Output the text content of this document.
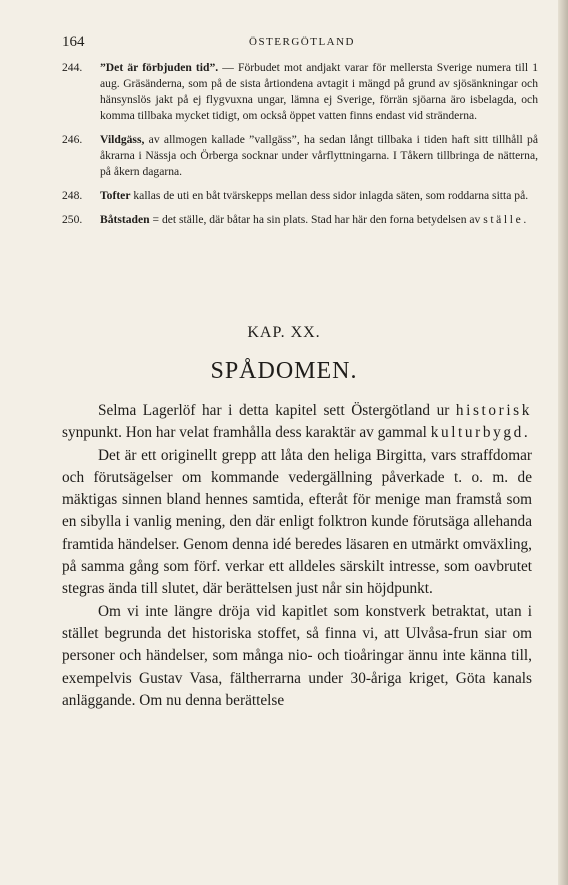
164	ÖSTERGÖTLAND
244. ”Det är förbjuden tid”. — Förbudet mot andjakt varar för mellersta Sverige numera till 1 aug. Gräsänderna, som på de sista årtiondena avtagit i mängd på grund av sjösänkningar och hänsynslös jakt på ej flygvuxna ungar, lämna ej Sverige, förrän sjöarna äro isbelagda, och komma tillbaka mycket tidigt, om också öppet vatten finns endast vid stränderna.
246. Vildgäss, av allmogen kallade ”vallgäss”, ha sedan långt tillbaka i tiden haft sitt tillhåll på åkrarna i Nässja och Örberga socknar under vårflyttningarna. I Tåkern tillbringa de nätterna, på åkern dagarna.
248. Tofter kallas de uti en båt tvärskepps mellan dess sidor inlagda säten, som roddarna sitta på.
250. Båtstaden = det ställe, där båtar ha sin plats. Stad har här den forna betydelsen av ställe.
KAP. XX.
SPÅDOMEN.

Selma Lagerlöf har i detta kapitel sett Östergötland ur historisk synpunkt. Hon har velat framhålla dess karaktär av gammal kulturbygd.

Det är ett originellt grepp att låta den heliga Birgitta, vars straffdomar och förutsägelser om kommande vedergällning påverkade t. o. m. de mäktigas sinnen bland hennes samtida, efteråt för menige man framstå som en sibylla i vanlig mening, den där enligt folktron kunde förutsäga allehanda framtida händelser. Genom denna idé beredes läsaren en utmärkt omväxling, på samma gång som förf. verkar ett alldeles särskilt intresse, som oavbrutet stegras ända till slutet, där berättelsen just når sin höjdpunkt.

Om vi inte längre dröja vid kapitlet som konstverk betraktat, utan i stället begrunda det historiska stoffet, så finna vi, att Ulvåsa-frun siar om personer och händelser, som många nio- och tioåringar ännu inte känna till, exempelvis Gustav Vasa, fältherrarna under 30-åriga kriget, Göta kanals anläggande. Om nu denna berättelse
